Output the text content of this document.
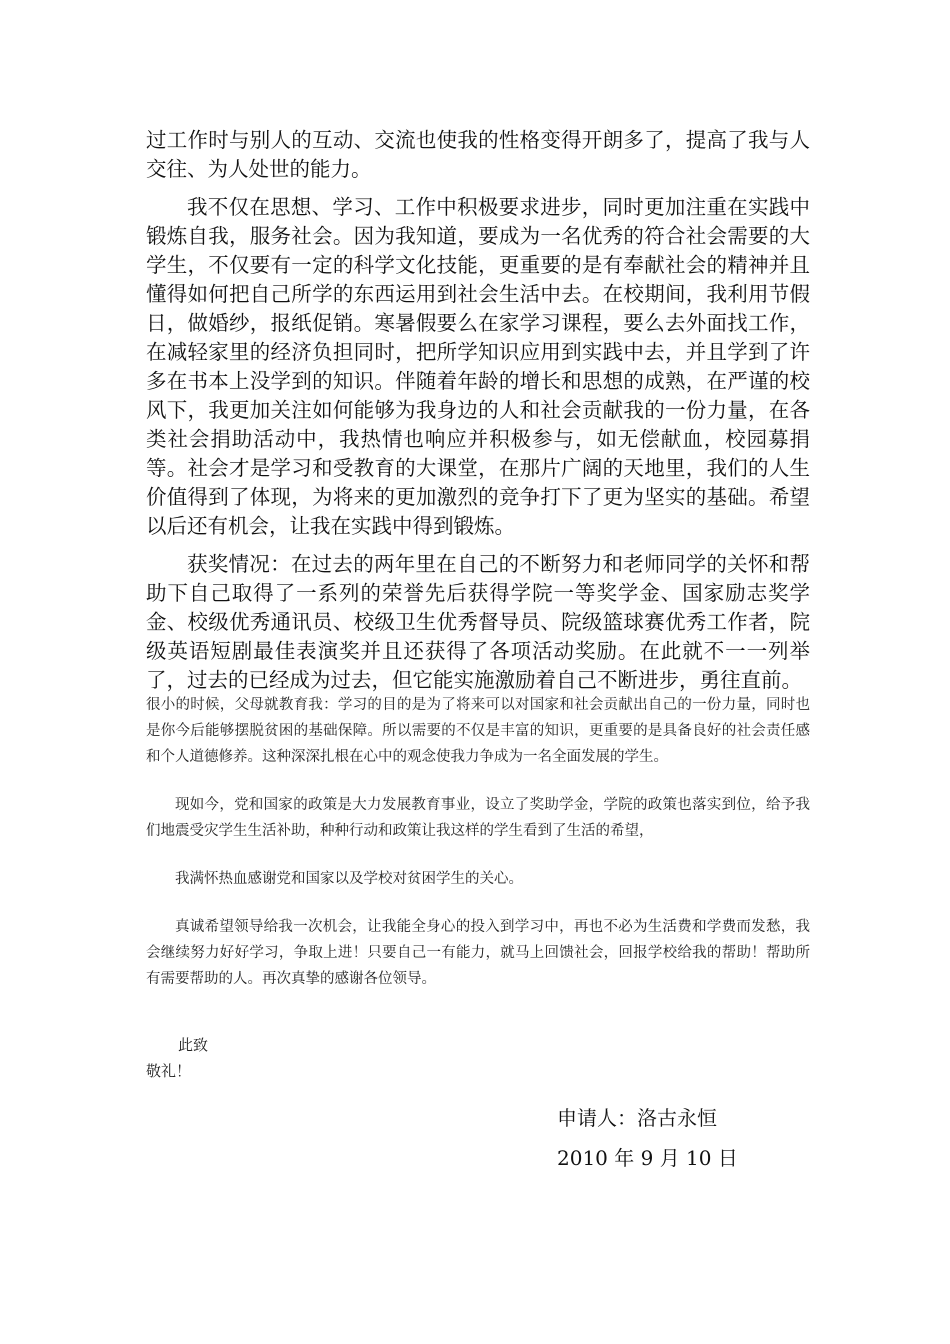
过工作时与别人的互动、交流也使我的性格变得开朗多了，提高了我与人交往、为人处世的能力。

我不仅在思想、学习、工作中积极要求进步，同时更加注重在实践中锻炼自我，服务社会。因为我知道，要成为一名优秀的符合社会需要的大学生，不仅要有一定的科学文化技能，更重要的是有奉献社会的精神并且懂得如何把自己所学的东西运用到社会生活中去。在校期间，我利用节假日，做婚纱，报纸促销。寒暑假要么在家学习课程，要么去外面找工作，在减轻家里的经济负担同时，把所学知识应用到实践中去，并且学到了许多在书本上没学到的知识。伴随着年龄的增长和思想的成熟，在严谨的校风下，我更加关注如何能够为我身边的人和社会贡献我的一份力量，在各类社会捐助活动中，我热情也响应并积极参与，如无偿献血，校园募捐等。社会才是学习和受教育的大课堂，在那片广阔的天地里，我们的人生价值得到了体现，为将来的更加激烈的竞争打下了更为坚实的基础。希望以后还有机会，让我在实践中得到锻炼。

获奖情况：在过去的两年里在自己的不断努力和老师同学的关怀和帮助下自己取得了一系列的荣誉先后获得学院一等奖学金、国家励志奖学金、校级优秀通讯员、校级卫生优秀督导员、院级篮球赛优秀工作者，院级英语短剧最佳表演奖并且还获得了各项活动奖励。在此就不一一列举了，过去的已经成为过去，但它能实施激励着自己不断进步，勇往直前。

很小的时候，父母就教育我：学习的目的是为了将来可以对国家和社会贡献出自己的一份力量，同时也是你今后能够摆脱贫困的基础保障。所以需要的不仅是丰富的知识，更重要的是具备良好的社会责任感和个人道德修养。这种深深扎根在心中的观念使我力争成为一名全面发展的学生。

现如今，党和国家的政策是大力发展教育事业，设立了奖助学金，学院的政策也落实到位，给予我们地震受灾学生生活补助，种种行动和政策让我这样的学生看到了生活的希望，

我满怀热血感谢党和国家以及学校对贫困学生的关心。

真诚希望领导给我一次机会，让我能全身心的投入到学习中，再也不必为生活费和学费而发愁，我会继续努力好好学习，争取上进！只要自己一有能力，就马上回馈社会，回报学校给我的帮助！帮助所有需要帮助的人。再次真挚的感谢各位领导。

此致
敬礼！
申请人：洛古永恒
2010 年 9 月 10 日
